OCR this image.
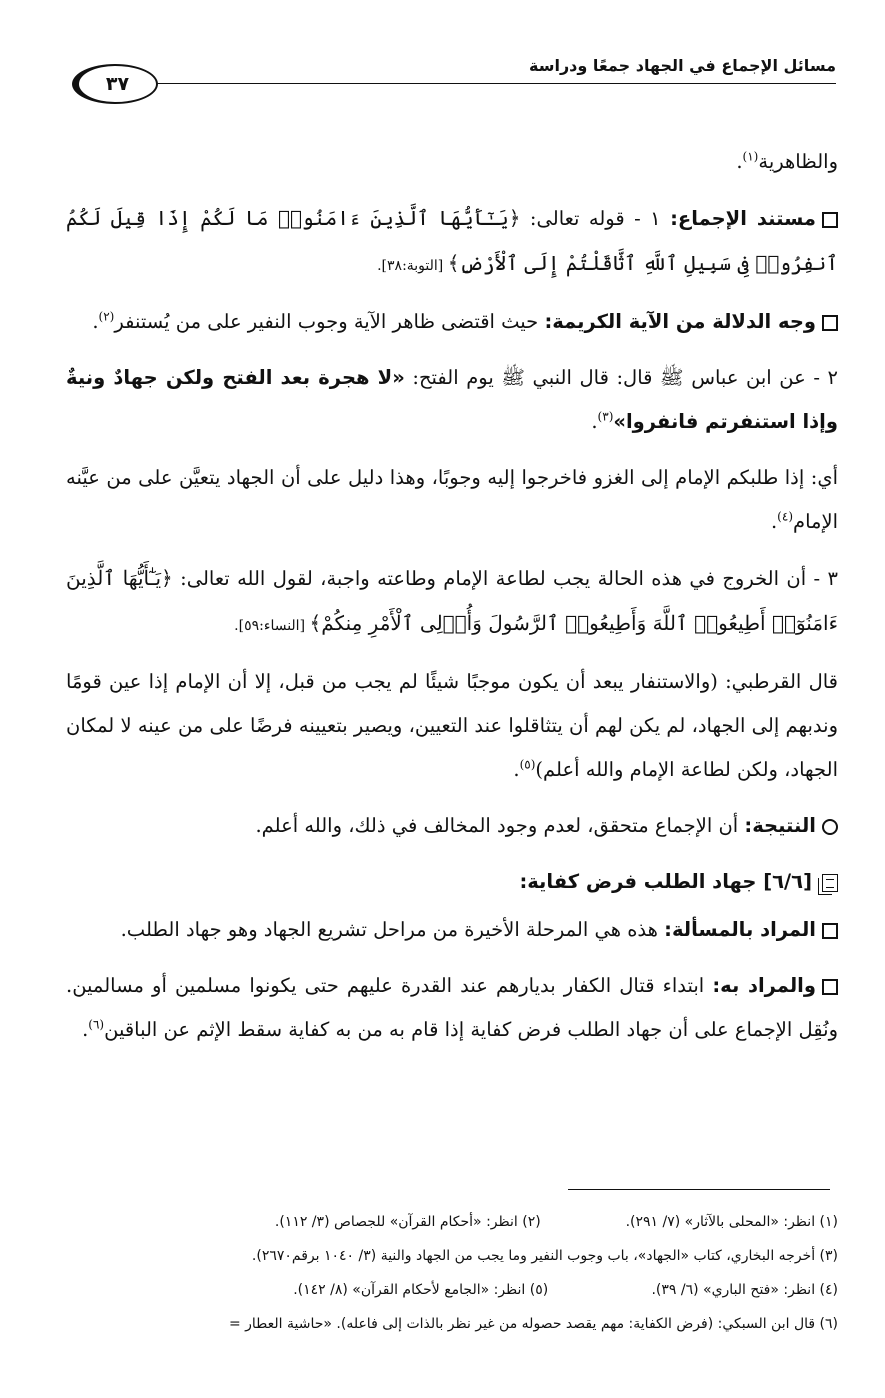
مسائل الإجماع في الجهاد جمعًا ودراسة
٣٧

والظاهرية$^{(١)}$.

مستند الإجماع: ١ - قوله تعالى: ﴿يَـٰٓأَيُّهَا ٱلَّذِينَ ءَامَنُوا۟ مَا لَكُمْ إِذَا قِيلَ لَكُمُ ٱنفِرُوا۟ فِى سَبِيلِ ٱللَّهِ ٱثَّاقَلْتُمْ إِلَى ٱلْأَرْضِ﴾ [التوبة:٣٨].

وجه الدلالة من الآية الكريمة: حيث اقتضى ظاهر الآية وجوب النفير على من يُستنفر$^{(٢)}$.

٢ - عن ابن عباس ﷺ قال: قال النبي ﷺ يوم الفتح: «لا هجرة بعد الفتح ولكن جهادٌ ونيةٌ وإذا استنفرتم فانفروا»$^{(٣)}$.

أي: إذا طلبكم الإمام إلى الغزو فاخرجوا إليه وجوبًا، وهذا دليل على أن الجهاد يتعيَّن على من عيَّنه الإمام$^{(٤)}$.

٣ - أن الخروج في هذه الحالة يجب لطاعة الإمام وطاعته واجبة، لقول الله تعالى: ﴿يَـٰٓأَيُّهَا ٱلَّذِينَ ءَامَنُوٓا۟ أَطِيعُوا۟ ٱللَّهَ وَأَطِيعُوا۟ ٱلرَّسُولَ وَأُو۟لِى ٱلْأَمْرِ مِنكُمْ﴾ [النساء:٥٩].

قال القرطبي: (والاستنفار يبعد أن يكون موجبًا شيئًا لم يجب من قبل، إلا أن الإمام إذا عين قومًا وندبهم إلى الجهاد، لم يكن لهم أن يتثاقلوا عند التعيين، ويصير بتعيينه فرضًا على من عينه لا لمكان الجهاد، ولكن لطاعة الإمام والله أعلم)$^{(٥)}$.

النتيجة: أن الإجماع متحقق، لعدم وجود المخالف في ذلك، والله أعلم.

[٦/٦] جهاد الطلب فرض كفاية:

المراد بالمسألة: هذه هي المرحلة الأخيرة من مراحل تشريع الجهاد وهو جهاد الطلب.

والمراد به: ابتداء قتال الكفار بديارهم عند القدرة عليهم حتى يكونوا مسلمين أو مسالمين. ونُقِل الإجماع على أن جهاد الطلب فرض كفاية إذا قام به من به كفاية سقط الإثم عن الباقين$^{(٦)}$.

(١) انظر: «المحلى بالآثار» (٧/ ٢٩١).
(٢) انظر: «أحكام القرآن» للجصاص (٣/ ١١٢).
(٣) أخرجه البخاري، كتاب «الجهاد»، باب وجوب النفير وما يجب من الجهاد والنية (٣/ ١٠٤٠ برقم٢٦٧٠).
(٤) انظر: «فتح الباري» (٦/ ٣٩).
(٥) انظر: «الجامع لأحكام القرآن» (٨/ ١٤٢).
(٦) قال ابن السبكي: (فرض الكفاية: مهم يقصد حصوله من غير نظر بالذات إلى فاعله). «حاشية العطار =
